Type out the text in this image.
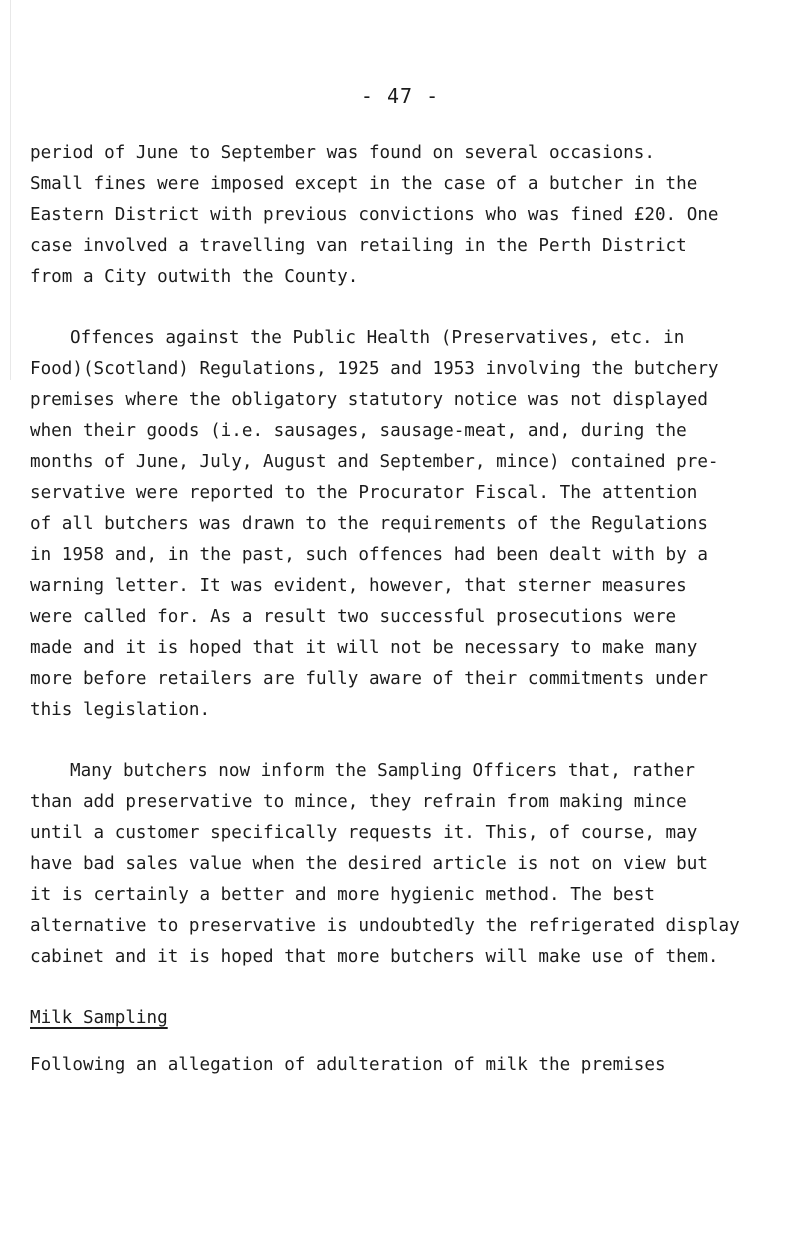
- 47 -
period of June to September was found on several occasions.
Small fines were imposed except in the case of a butcher in the
Eastern District with previous convictions who was fined £20. One
case involved a travelling van retailing in the Perth District
from a City outwith the County.
Offences against the Public Health (Preservatives, etc. in
Food)(Scotland) Regulations, 1925 and 1953 involving the butchery
premises where the obligatory statutory notice was not displayed
when their goods (i.e. sausages, sausage-meat, and, during the
months of June, July, August and September, mince) contained pre-
servative were reported to the Procurator Fiscal. The attention
of all butchers was drawn to the requirements of the Regulations
in 1958 and, in the past, such offences had been dealt with by a
warning letter. It was evident, however, that sterner measures
were called for. As a result two successful prosecutions were
made and it is hoped that it will not be necessary to make many
more before retailers are fully aware of their commitments under
this legislation.
Many butchers now inform the Sampling Officers that, rather
than add preservative to mince, they refrain from making mince
until a customer specifically requests it. This, of course, may
have bad sales value when the desired article is not on view but
it is certainly a better and more hygienic method. The best
alternative to preservative is undoubtedly the refrigerated display
cabinet and it is hoped that more butchers will make use of them.
Milk Sampling
Following an allegation of adulteration of milk the premises
